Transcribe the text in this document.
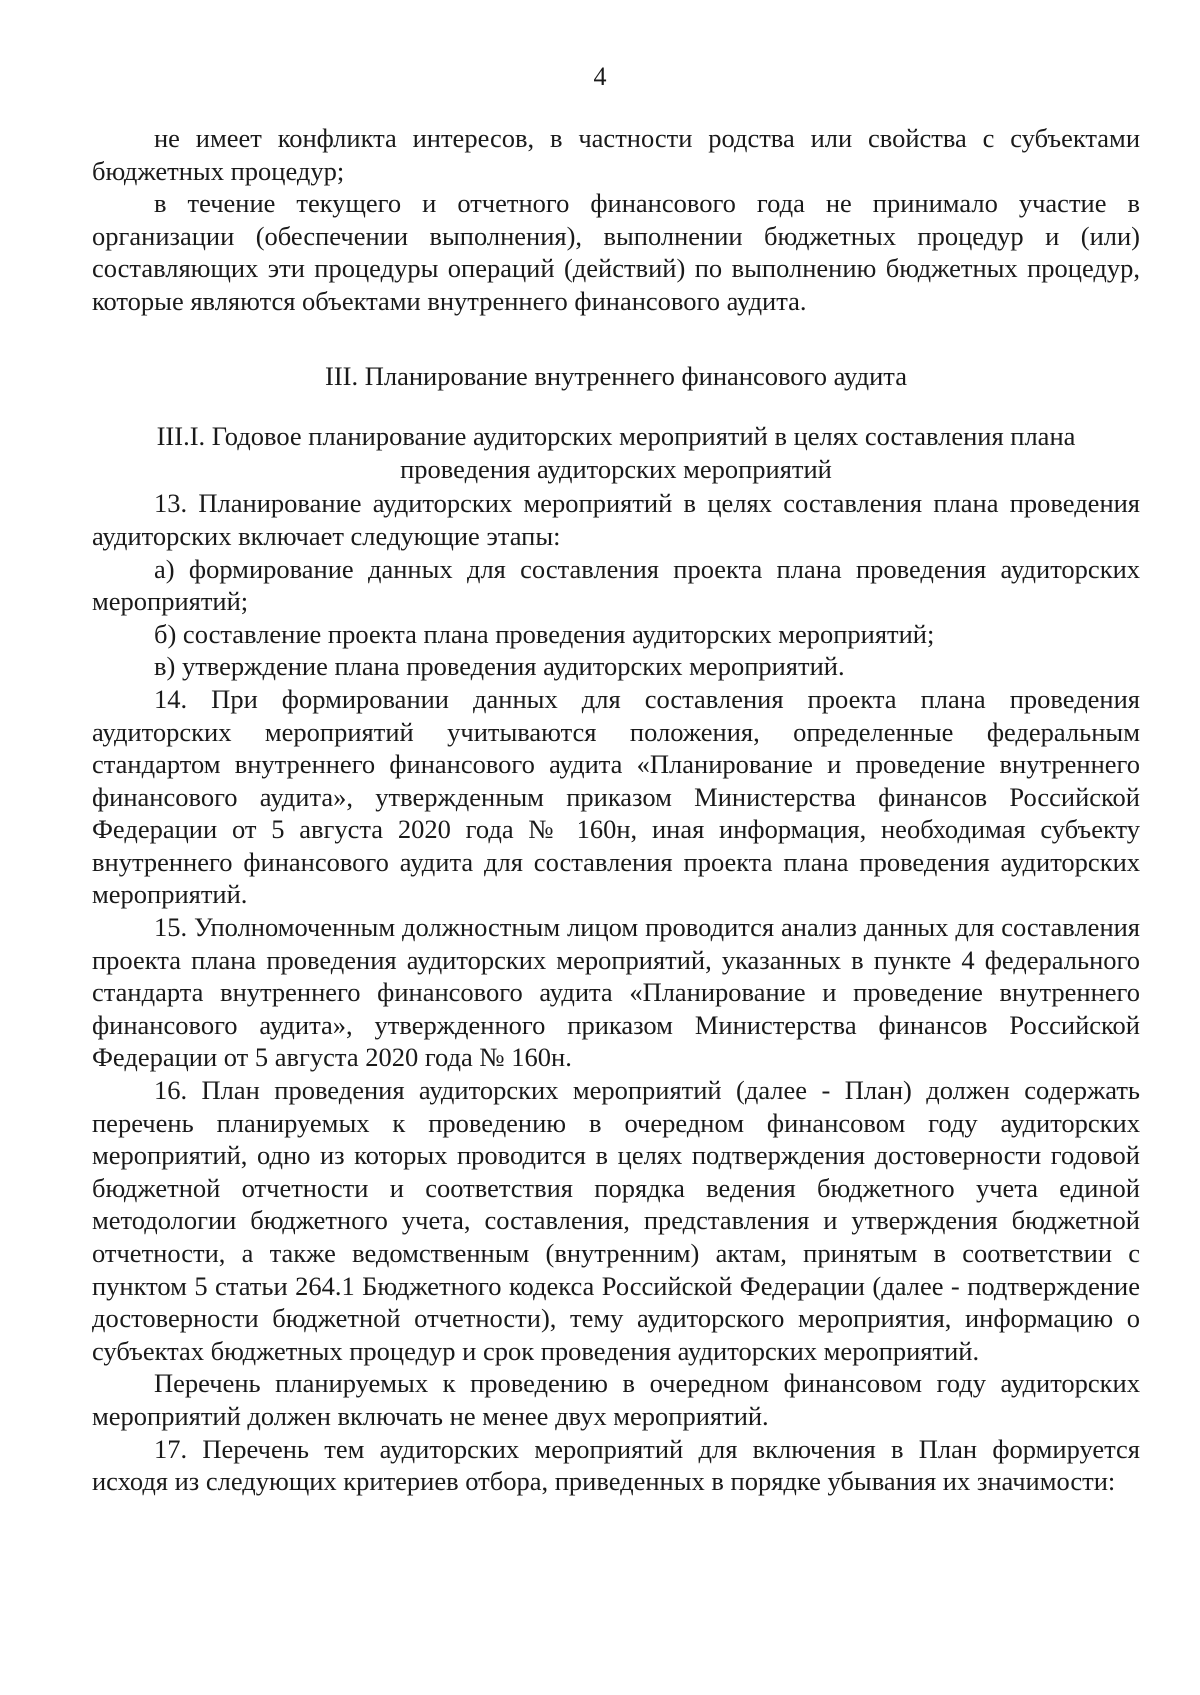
4

не имеет конфликта интересов, в частности родства или свойства с субъектами бюджетных процедур;

в течение текущего и отчетного финансового года не принимало участие в организации (обеспечении выполнения), выполнении бюджетных процедур и (или) составляющих эти процедуры операций (действий) по выполнению бюджетных процедур, которые являются объектами внутреннего финансового аудита.

III. Планирование внутреннего финансового аудита

III.I. Годовое планирование аудиторских мероприятий в целях составления плана проведения аудиторских мероприятий

13. Планирование аудиторских мероприятий в целях составления плана проведения аудиторских включает следующие этапы:

а) формирование данных для составления проекта плана проведения аудиторских мероприятий;

б) составление проекта плана проведения аудиторских мероприятий;

в) утверждение плана проведения аудиторских мероприятий.

14. При формировании данных для составления проекта плана проведения аудиторских мероприятий учитываются положения, определенные федеральным стандартом внутреннего финансового аудита «Планирование и проведение внутреннего финансового аудита», утвержденным приказом Министерства финансов Российской Федерации от 5 августа 2020 года № 160н, иная информация, необходимая субъекту внутреннего финансового аудита для составления проекта плана проведения аудиторских мероприятий.

15. Уполномоченным должностным лицом проводится анализ данных для составления проекта плана проведения аудиторских мероприятий, указанных в пункте 4 федерального стандарта внутреннего финансового аудита «Планирование и проведение внутреннего финансового аудита», утвержденного приказом Министерства финансов Российской Федерации от 5 августа 2020 года № 160н.

16. План проведения аудиторских мероприятий (далее - План) должен содержать перечень планируемых к проведению в очередном финансовом году аудиторских мероприятий, одно из которых проводится в целях подтверждения достоверности годовой бюджетной отчетности и соответствия порядка ведения бюджетного учета единой методологии бюджетного учета, составления, представления и утверждения бюджетной отчетности, а также ведомственным (внутренним) актам, принятым в соответствии с пунктом 5 статьи 264.1 Бюджетного кодекса Российской Федерации (далее - подтверждение достоверности бюджетной отчетности), тему аудиторского мероприятия, информацию о субъектах бюджетных процедур и срок проведения аудиторских мероприятий.

Перечень планируемых к проведению в очередном финансовом году аудиторских мероприятий должен включать не менее двух мероприятий.

17. Перечень тем аудиторских мероприятий для включения в План формируется исходя из следующих критериев отбора, приведенных в порядке убывания их значимости:
